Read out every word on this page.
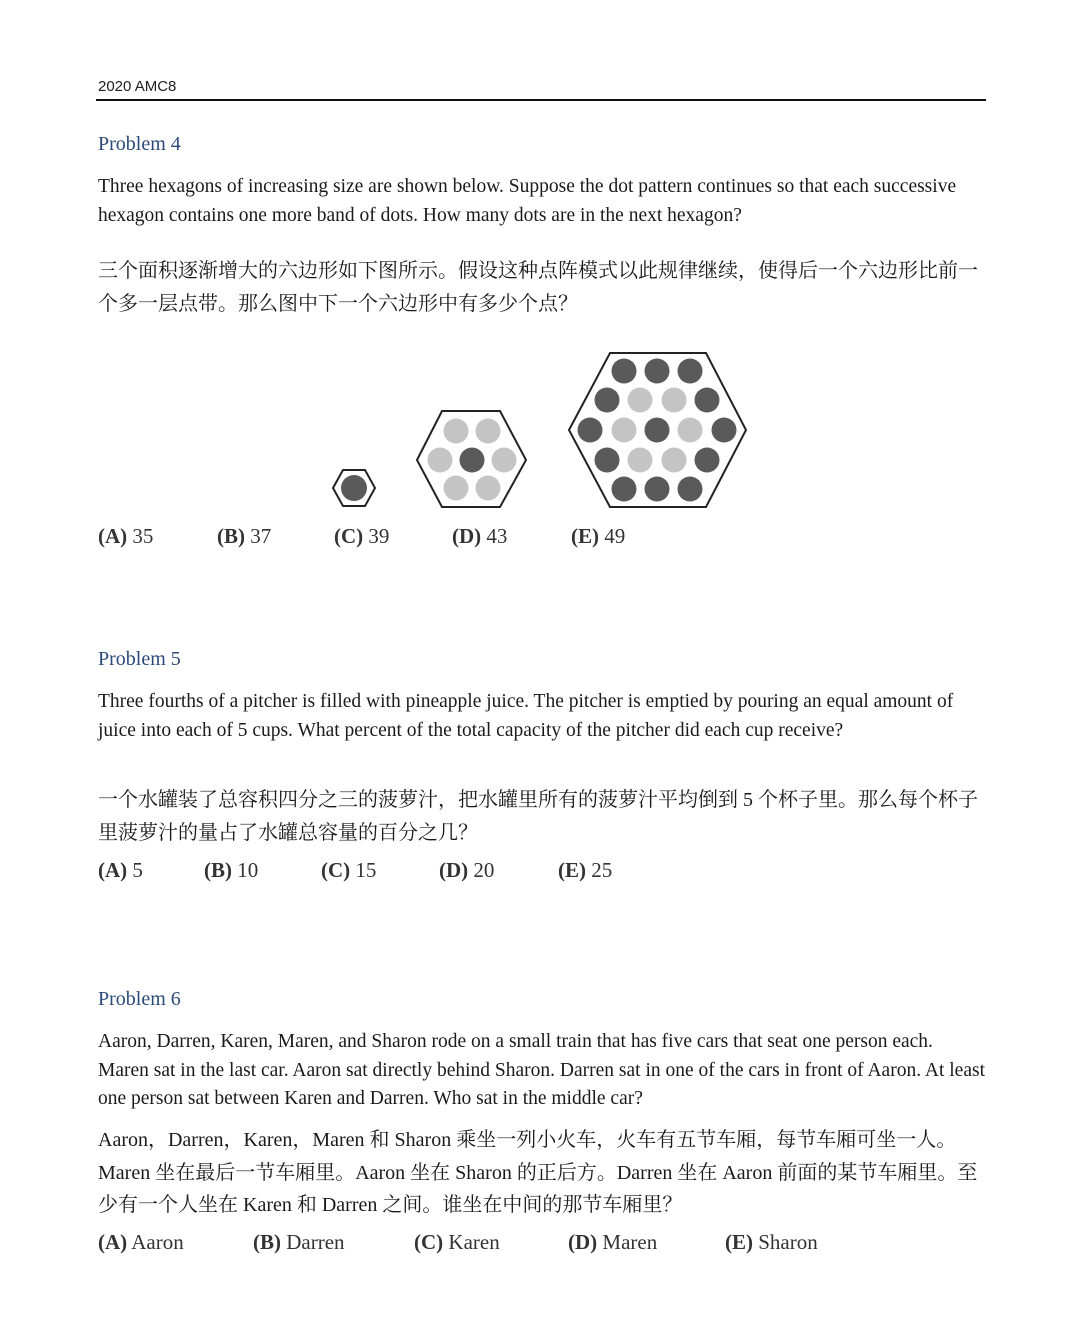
2020 AMC8
Problem 4
Three hexagons of increasing size are shown below. Suppose the dot pattern continues so that each successive hexagon contains one more band of dots. How many dots are in the next hexagon?
三个面积逐渐增大的六边形如下图所示。假设这种点阵模式以此规律继续，使得后一个六边形比前一个多一层点带。那么图中下一个六边形中有多少个点？
(A) 35	(B) 37	(C) 39	(D) 43	(E) 49
Problem 5
Three fourths of a pitcher is filled with pineapple juice. The pitcher is emptied by pouring an equal amount of juice into each of 5 cups. What percent of the total capacity of the pitcher did each cup receive?
一个水罐装了总容积四分之三的菠萝汁，把水罐里所有的菠萝汁平均倒到 5 个杯子里。那么每个杯子里菠萝汁的量占了水罐总容量的百分之几？
(A) 5	(B) 10	(C) 15	(D) 20	(E) 25
Problem 6
Aaron, Darren, Karen, Maren, and Sharon rode on a small train that has five cars that seat one person each. Maren sat in the last car. Aaron sat directly behind Sharon. Darren sat in one of the cars in front of Aaron. At least one person sat between Karen and Darren. Who sat in the middle car?
Aaron，Darren，Karen，Maren 和 Sharon 乘坐一列小火车，火车有五节车厢，每节车厢可坐一人。Maren 坐在最后一节车厢里。Aaron 坐在 Sharon 的正后方。Darren 坐在 Aaron 前面的某节车厢里。至少有一个人坐在 Karen 和 Darren 之间。谁坐在中间的那节车厢里？
(A) Aaron	(B) Darren	(C) Karen	(D) Maren	(E) Sharon
